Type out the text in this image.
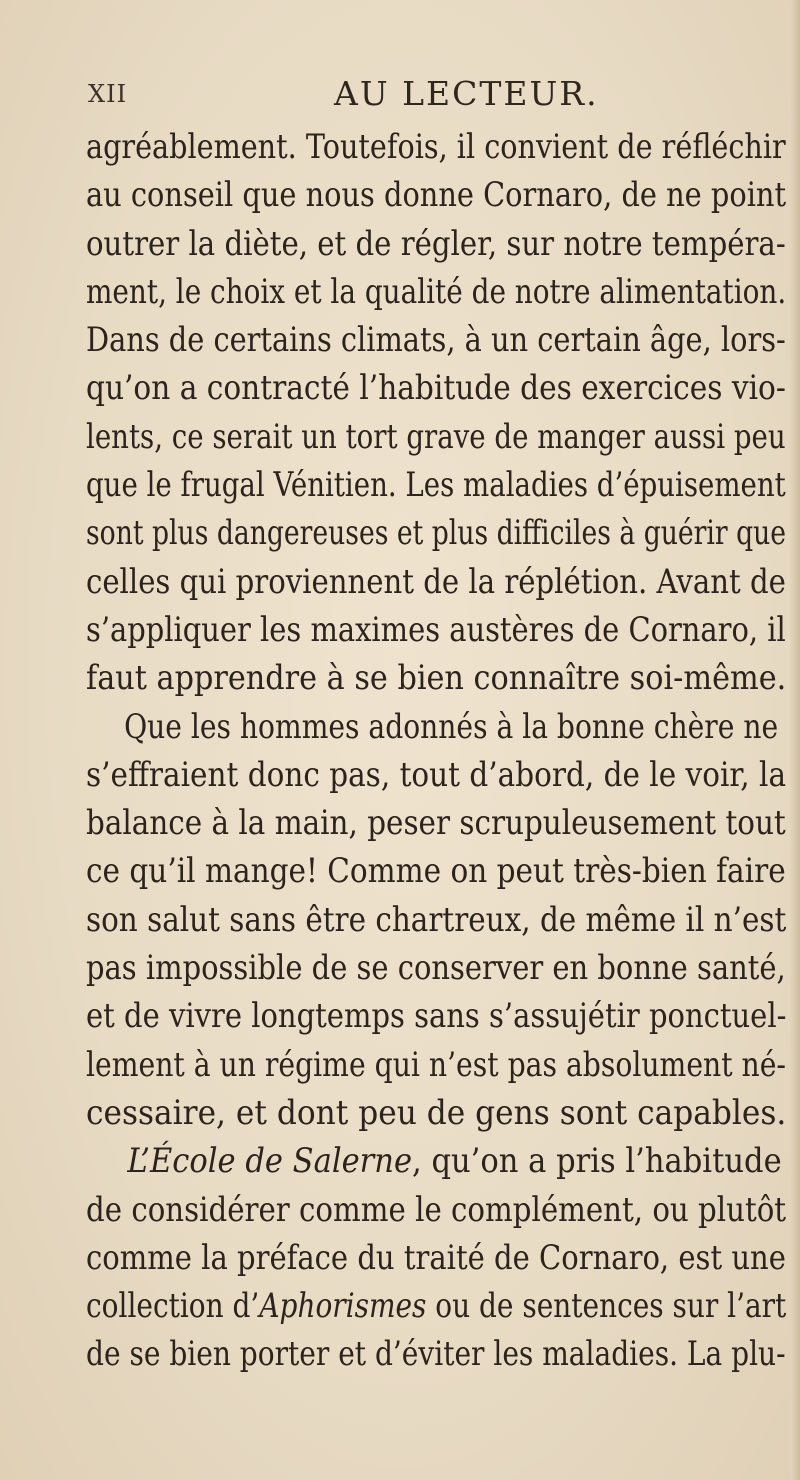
XII	AU LECTEUR.
agréablement. Toutefois, il convient de réfléchir
au conseil que nous donne Cornaro, de ne point
outrer la diète, et de régler, sur notre tempéra-
ment, le choix et la qualité de notre alimentation.
Dans de certains climats, à un certain âge, lors-
qu’on a contracté l’habitude des exercices vio-
lents, ce serait un tort grave de manger aussi peu
que le frugal Vénitien. Les maladies d’épuisement
sont plus dangereuses et plus difficiles à guérir que
celles qui proviennent de la réplétion. Avant de
s’appliquer les maximes austères de Cornaro, il
faut apprendre à se bien connaître soi-même.
Que les hommes adonnés à la bonne chère ne
s’effraient donc pas, tout d’abord, de le voir, la
balance à la main, peser scrupuleusement tout
ce qu’il mange! Comme on peut très-bien faire
son salut sans être chartreux, de même il n’est
pas impossible de se conserver en bonne santé,
et de vivre longtemps sans s’assujétir ponctuel-
lement à un régime qui n’est pas absolument né-
cessaire, et dont peu de gens sont capables.
L’École de Salerne, qu’on a pris l’habitude
de considérer comme le complément, ou plutôt
comme la préface du traité de Cornaro, est une
collection d’Aphorismes ou de sentences sur l’art
de se bien porter et d’éviter les maladies. La plu-
